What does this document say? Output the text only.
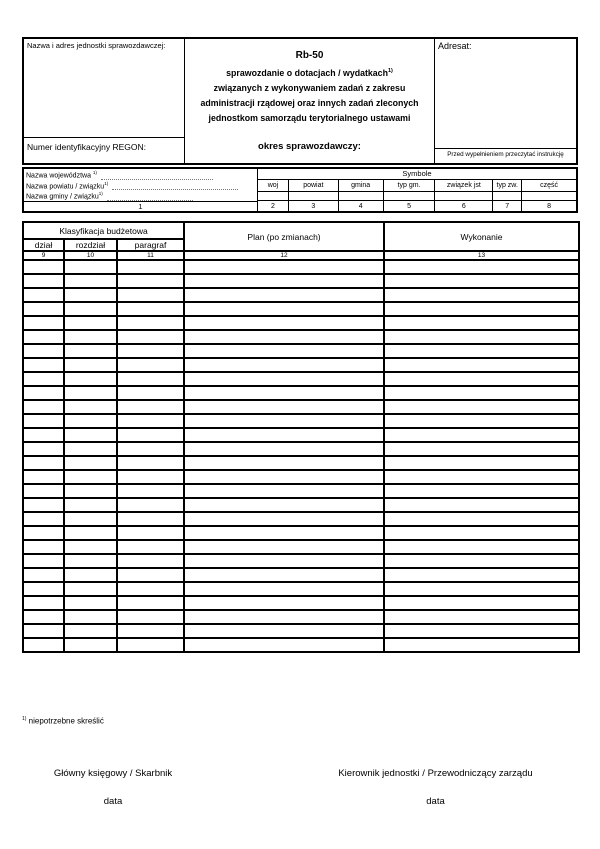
Nazwa i adres jednostki sprawozdawczej:
Numer identyfikacyjny REGON:
Rb-50
sprawozdanie o dotacjach / wydatkach$^{1)}$
związanych z wykonywaniem zadań z zakresu
administracji rządowej oraz innych zadań zleconych
jednostkom samorządu terytorialnego ustawami
okres sprawozdawczy:
Adresat:
Przed wypełnieniem przeczytać instrukcję
Nazwa województwa $^{1)}$
Nazwa powiatu / związku$^{1)}$
Nazwa gminy / związku$^{1)}$
1
Symbole
woj	powiat	gmina	typ gm.	związek jst	typ zw.	część
2	3	4	5	6	7	8
Klasyfikacja budżetowa			Plan (po zmianach)	Wykonanie
dział	rozdział	paragraf		
9	10	11	12	13

$^{1)}$ niepotrzebne skreślić
Główny księgowy / Skarbnik
data
Kierownik jednostki / Przewodniczący zarządu
data
